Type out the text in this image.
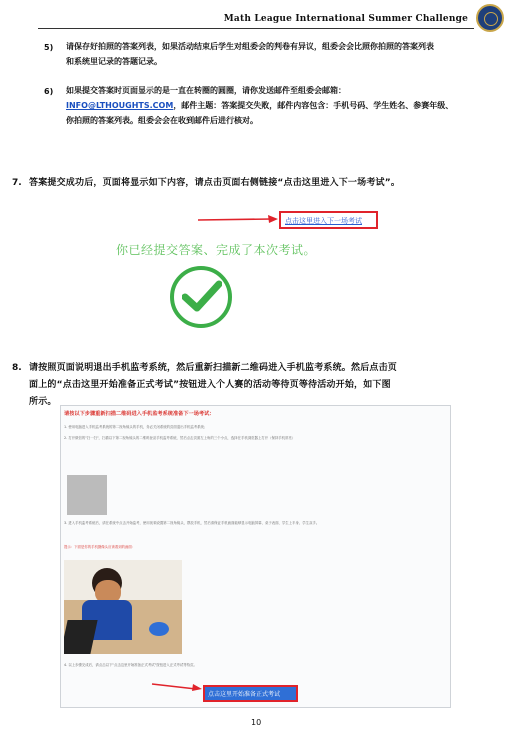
Math League International Summer Challenge
5) 请保存好拍照的答案列表，如果活动结束后学生对组委会的判卷有异议，组委会会比照你拍照的答案列表
和系统里记录的答题记录。
6) 如果提交答案时页面显示的是一直在转圈的圆圈，请你发送邮件至组委会邮箱：
INFO@LTHOUGHTS.COM，邮件主题：答案提交失败，邮件内容包含：手机号码、学生姓名、参赛年级、
你拍照的答案列表。组委会会在收到邮件后进行核对。
7. 答案提交成功后，页面将显示如下内容，请点击页面右侧链接“点击这里进入下一场考试”。
点击这里进入下一场考试
你已经提交答案、完成了本次考试。
8. 请按照页面说明退出手机监考系统，然后重新扫描新二维码进入手机监考系统。然后点击页
面上的“点击这里开始准备正式考试”按钮进入个人赛的活动等待页等待活动开始，如下图
所示。
请按以下步骤重新扫描二维码进入手机监考系统准备下一场考试：
1. 使用电脑进入手机监考系统的第二视角镜头的手机，务必关闭系统的页面退出手机监考系统；
2. 打开微信的"扫一扫"，扫描以下第二视角镜头的二维码登录手机监考系统，然后点击页面左上角的三个小点，选择在手机浏览器上打开（保持手机常亮）
3. 进入手机监考系统后，请在系统中点击开始监考，使用视频设置第二视角镜头，摆放手机，然后请保证手机画面能够显示电脑屏幕、桌子表面、学生上半身、学生双手。
提示：下面是你的手机摄像头应该看到的画面：
4. 以上步骤完成后，请点击以下"点击这里开始准备正式考试"按钮进入正式考试等待页。
点击这里开始准备正式考试
10
